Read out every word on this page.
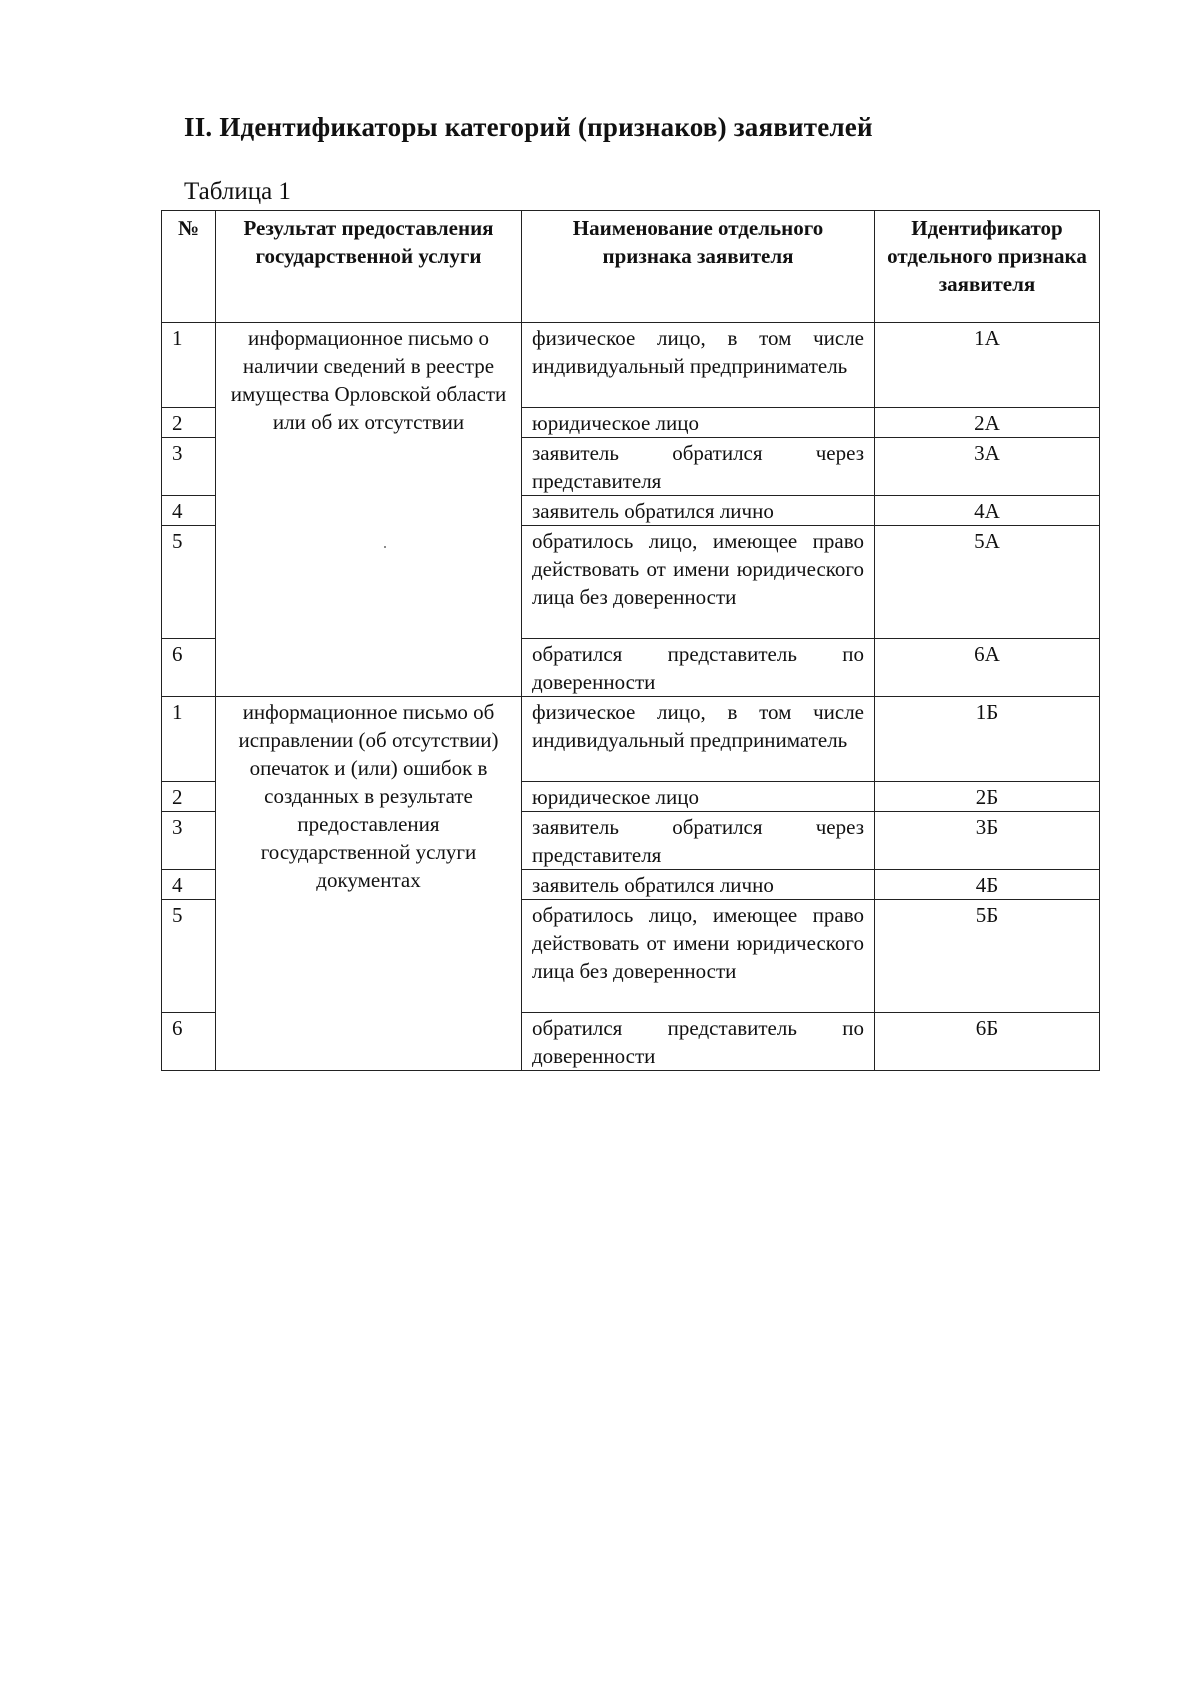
II. Идентификаторы категорий (признаков) заявителей
Таблица 1
№	Результат предоставления государственной услуги	Наименование отдельного признака заявителя	Идентификатор отдельного признака заявителя
1	информационное письмо о наличии сведений в реестре имущества Орловской области или об их отсутствии	физическое лицо, в том числе индивидуальный предприниматель	1А
2		юридическое лицо	2А
3		заявитель обратился через представителя	3А
4		заявитель обратился лично	4А
5		обратилось лицо, имеющее право действовать от имени юридического лица без доверенности	5А
6		обратился представитель по доверенности	6А
1	информационное письмо об исправлении (об отсутствии) опечаток и (или) ошибок в созданных в результате предоставления государственной услуги документах	физическое лицо, в том числе индивидуальный предприниматель	1Б
2		юридическое лицо	2Б
3		заявитель обратился через представителя	3Б
4		заявитель обратился лично	4Б
5		обратилось лицо, имеющее право действовать от имени юридического лица без доверенности	5Б
6		обратился представитель по доверенности	6Б
